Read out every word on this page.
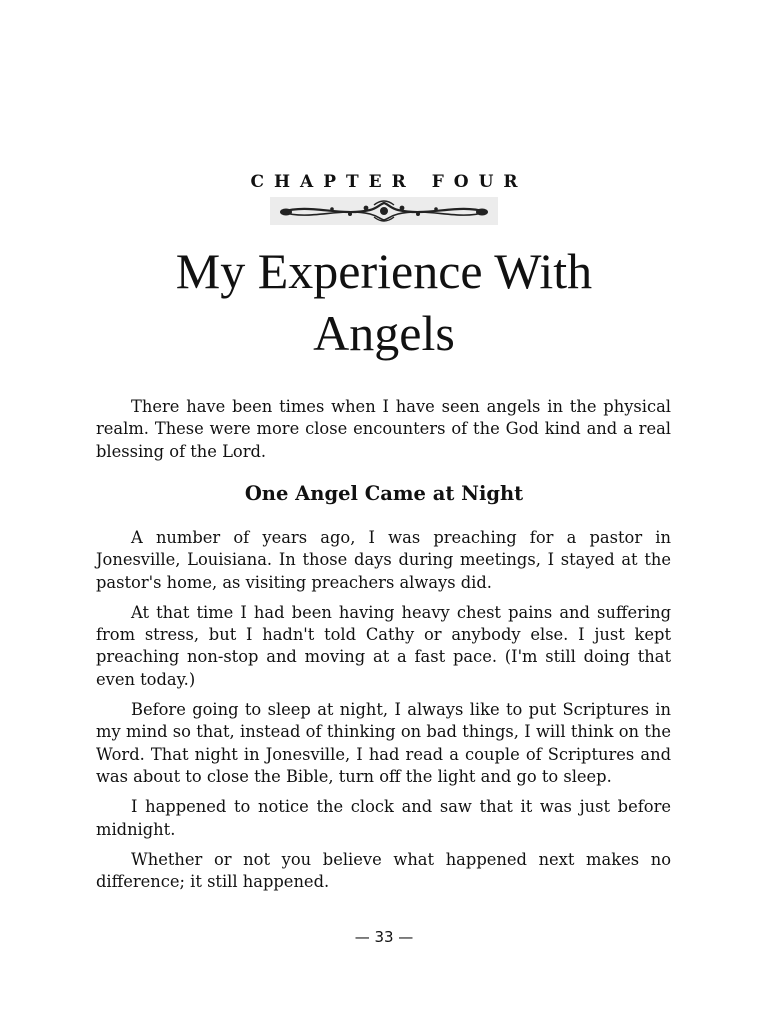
CHAPTER FOUR
My Experience With
Angels

There have been times when I have seen angels in the physical realm. These were more close encounters of the God kind and a real blessing of the Lord.

One Angel Came at Night

A number of years ago, I was preaching for a pastor in Jonesville, Louisiana. In those days during meetings, I stayed at the pastor's home, as visiting preachers always did.

At that time I had been having heavy chest pains and suffering from stress, but I hadn't told Cathy or anybody else. I just kept preaching non-stop and moving at a fast pace. (I'm still doing that even today.)

Before going to sleep at night, I always like to put Scriptures in my mind so that, instead of thinking on bad things, I will think on the Word. That night in Jonesville, I had read a couple of Scriptures and was about to close the Bible, turn off the light and go to sleep.

I happened to notice the clock and saw that it was just before midnight.

Whether or not you believe what happened next makes no difference; it still happened.

— 33 —
